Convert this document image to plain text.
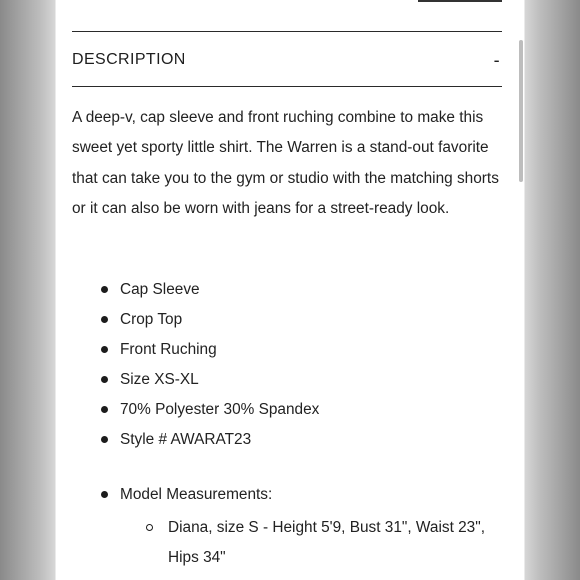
DESCRIPTION	-
A deep-v, cap sleeve and front ruching combine to make this sweet yet sporty little shirt. The Warren is a stand-out favorite that can take you to the gym or studio with the matching shorts or it can also be worn with jeans for a street-ready look.
Cap Sleeve
Crop Top
Front Ruching
Size XS-XL
70% Polyester 30% Spandex
Style # AWARAT23
Model Measurements:
Diana, size S - Height 5'9, Bust 31", Waist 23", Hips 34"
